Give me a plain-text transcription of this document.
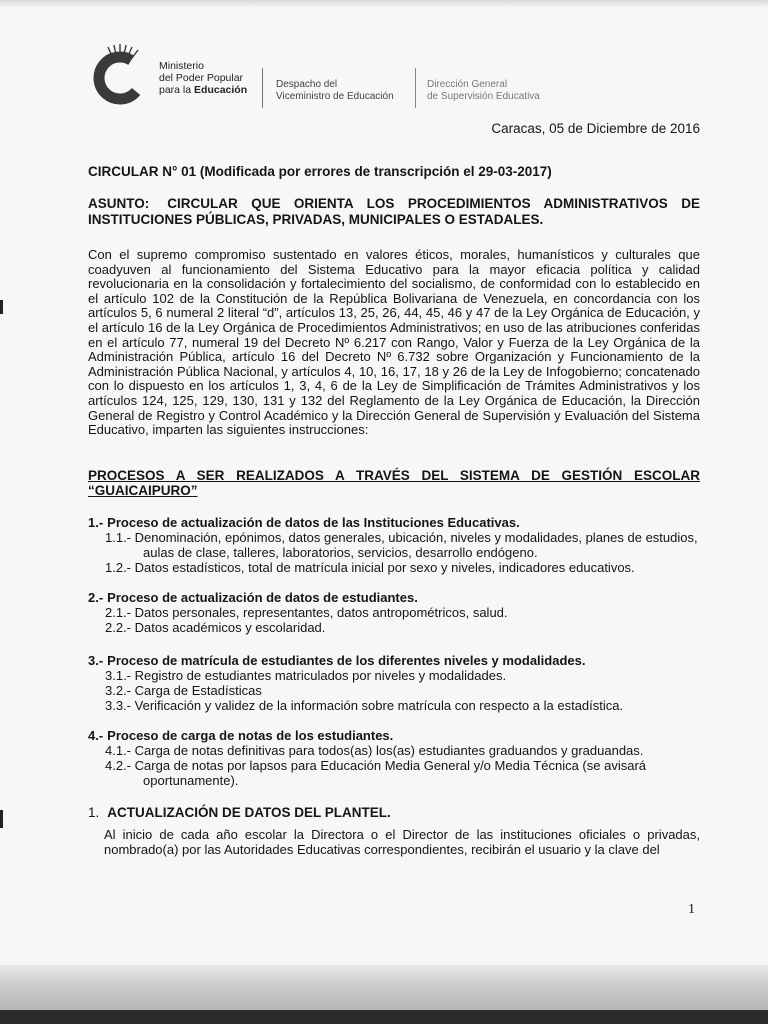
Ministerio
del Poder Popular
para la Educación	Despacho del
Viceministro de Educación
Dirección General
de Supervisión Educativa
Caracas, 05 de Diciembre de 2016
CIRCULAR N° 01 (Modificada por errores de transcripción el 29-03-2017)
ASUNTO: CIRCULAR QUE ORIENTA LOS PROCEDIMIENTOS ADMINISTRATIVOS DE INSTITUCIONES PÚBLICAS, PRIVADAS, MUNICIPALES O ESTADALES.
Con el supremo compromiso sustentado en valores éticos, morales, humanísticos y culturales que coadyuven al funcionamiento del Sistema Educativo para la mayor eficacia política y calidad revolucionaria en la consolidación y fortalecimiento del socialismo, de conformidad con lo establecido en el artículo 102 de la Constitución de la República Bolivariana de Venezuela, en concordancia con los artículos 5, 6 numeral 2 literal “d”, artículos 13, 25, 26, 44, 45, 46 y 47 de la Ley Orgánica de Educación, y el artículo 16 de la Ley Orgánica de Procedimientos Administrativos; en uso de las atribuciones conferidas en el artículo 77, numeral 19 del Decreto Nº 6.217 con Rango, Valor y Fuerza de la Ley Orgánica de la Administración Pública, artículo 16 del Decreto Nº 6.732 sobre Organización y Funcionamiento de la Administración Pública Nacional, y artículos 4, 10, 16, 17, 18 y 26 de la Ley de Infogobierno; concatenado con lo dispuesto en los artículos 1, 3, 4, 6 de la Ley de Simplificación de Trámites Administrativos y los artículos 124, 125, 129, 130, 131 y 132 del Reglamento de la Ley Orgánica de Educación, la Dirección General de Registro y Control Académico y la Dirección General de Supervisión y Evaluación del Sistema Educativo, imparten las siguientes instrucciones:
PROCESOS A SER REALIZADOS A TRAVÉS DEL SISTEMA DE GESTIÓN ESCOLAR “GUAICAIPURO”
1.- Proceso de actualización de datos de las Instituciones Educativas.
1.1.- Denominación, epónimos, datos generales, ubicación, niveles y modalidades, planes de estudios, aulas de clase, talleres, laboratorios, servicios, desarrollo endógeno.
1.2.- Datos estadísticos, total de matrícula inicial por sexo y niveles, indicadores educativos.
2.- Proceso de actualización de datos de estudiantes.
2.1.- Datos personales, representantes, datos antropométricos, salud.
2.2.- Datos académicos y escolaridad.
3.- Proceso de matrícula de estudiantes de los diferentes niveles y modalidades.
3.1.- Registro de estudiantes matriculados por niveles y modalidades.
3.2.- Carga de Estadísticas
3.3.- Verificación y validez de la información sobre matrícula con respecto a la estadística.
4.- Proceso de carga de notas de los estudiantes.
4.1.- Carga de notas definitivas para todos(as) los(as) estudiantes graduandos y graduandas.
4.2.- Carga de notas por lapsos para Educación Media General y/o Media Técnica (se avisará oportunamente).
1. ACTUALIZACIÓN DE DATOS DEL PLANTEL.
Al inicio de cada año escolar la Directora o el Director de las instituciones oficiales o privadas, nombrado(a) por las Autoridades Educativas correspondientes, recibirán el usuario y la clave del
1
